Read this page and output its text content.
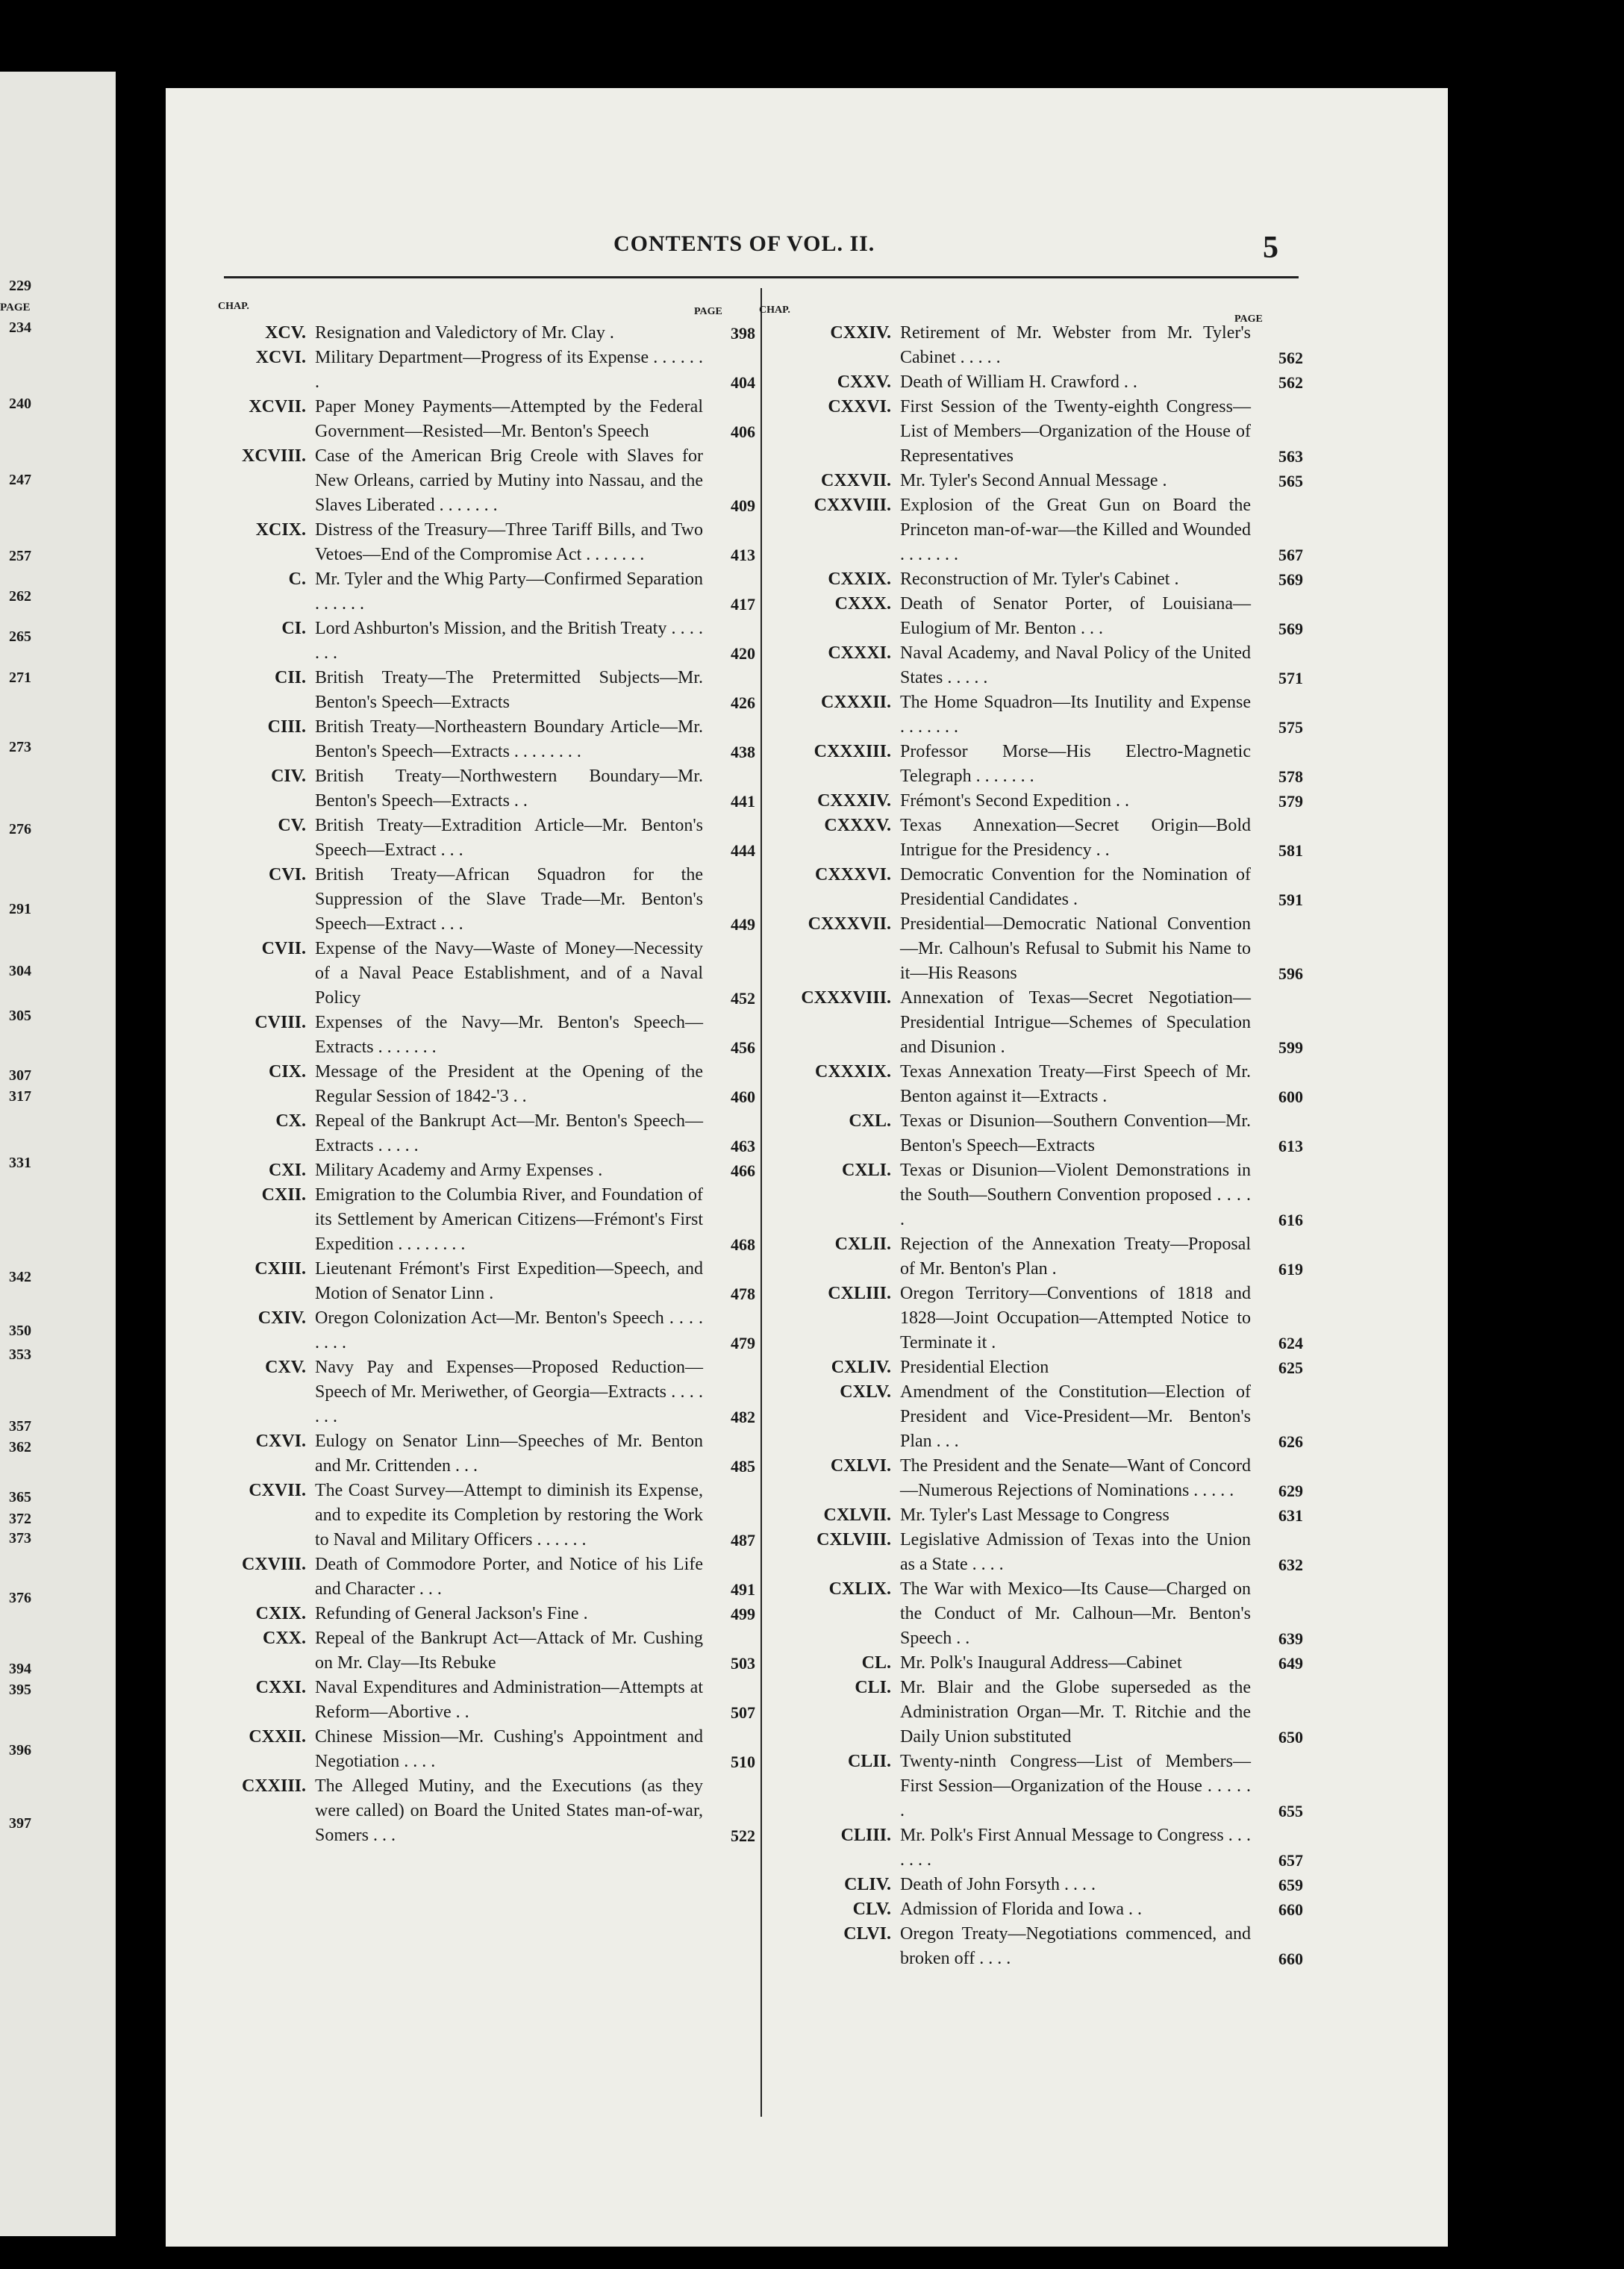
PAGE
229
234
240
247
257
262
265
271
273
276
291
304
305
307
317
331
342
350
353
357
362
365
372
373
376
394
395
396
397
CONTENTS OF VOL. II.	5
CHAP.	PAGE	CHAP.
PAGE
XCV. Resignation and Valedictory of Mr. Clay .	398
XCVI. Military Department—Progress of its Expense . . . . . . .	404
XCVII. Paper Money Payments—Attempted by the Federal Government—Resisted—Mr. Benton's Speech	406
XCVIII. Case of the American Brig Creole with Slaves for New Orleans, carried by Mutiny into Nassau, and the Slaves Liberated . . . . . . .	409
XCIX. Distress of the Treasury—Three Tariff Bills, and Two Vetoes—End of the Compromise Act . . . . . . .	413
C. Mr. Tyler and the Whig Party—Confirmed Separation . . . . . .	417
CI. Lord Ashburton's Mission, and the British Treaty . . . . . . .	420
CII. British Treaty—The Pretermitted Subjects—Mr. Benton's Speech—Extracts	426
CIII. British Treaty—Northeastern Boundary Article—Mr. Benton's Speech—Extracts . . . . . . . .	438
CIV. British Treaty—Northwestern Boundary—Mr. Benton's Speech—Extracts . .	441
CV. British Treaty—Extradition Article—Mr. Benton's Speech—Extract . . .	444
CVI. British Treaty—African Squadron for the Suppression of the Slave Trade—Mr. Benton's Speech—Extract . . .	449
CVII. Expense of the Navy—Waste of Money—Necessity of a Naval Peace Establishment, and of a Naval Policy	452
CVIII. Expenses of the Navy—Mr. Benton's Speech—Extracts . . . . . . .	456
CIX. Message of the President at the Opening of the Regular Session of 1842-'3 . .	460
CX. Repeal of the Bankrupt Act—Mr. Benton's Speech—Extracts . . . . .	463
CXI. Military Academy and Army Expenses .	466
CXII. Emigration to the Columbia River, and Foundation of its Settlement by American Citizens—Frémont's First Expedition . . . . . . . .	468
CXIII. Lieutenant Frémont's First Expedition—Speech, and Motion of Senator Linn .	478
CXIV. Oregon Colonization Act—Mr. Benton's Speech . . . . . . . .	479
CXV. Navy Pay and Expenses—Proposed Reduction—Speech of Mr. Meriwether, of Georgia—Extracts . . . . . . .	482
CXVI. Eulogy on Senator Linn—Speeches of Mr. Benton and Mr. Crittenden . . .	485
CXVII. The Coast Survey—Attempt to diminish its Expense, and to expedite its Completion by restoring the Work to Naval and Military Officers . . . . . .	487
CXVIII. Death of Commodore Porter, and Notice of his Life and Character . . .	491
CXIX. Refunding of General Jackson's Fine .	499
CXX. Repeal of the Bankrupt Act—Attack of Mr. Cushing on Mr. Clay—Its Rebuke	503
CXXI. Naval Expenditures and Administration—Attempts at Reform—Abortive . .	507
CXXII. Chinese Mission—Mr. Cushing's Appointment and Negotiation . . . .	510
CXXIII. The Alleged Mutiny, and the Executions (as they were called) on Board the United States man-of-war, Somers . . .	522
CXXIV. Retirement of Mr. Webster from Mr. Tyler's Cabinet . . . . .	562
CXXV. Death of William H. Crawford . .	562
CXXVI. First Session of the Twenty-eighth Congress—List of Members—Organization of the House of Representatives	563
CXXVII. Mr. Tyler's Second Annual Message .	565
CXXVIII. Explosion of the Great Gun on Board the Princeton man-of-war—the Killed and Wounded . . . . . . .	567
CXXIX. Reconstruction of Mr. Tyler's Cabinet .	569
CXXX. Death of Senator Porter, of Louisiana—Eulogium of Mr. Benton . . .	569
CXXXI. Naval Academy, and Naval Policy of the United States . . . . .	571
CXXXII. The Home Squadron—Its Inutility and Expense . . . . . . .	575
CXXXIII. Professor Morse—His Electro-Magnetic Telegraph . . . . . . .	578
CXXXIV. Frémont's Second Expedition . .	579
CXXXV. Texas Annexation—Secret Origin—Bold Intrigue for the Presidency . .	581
CXXXVI. Democratic Convention for the Nomination of Presidential Candidates .	591
CXXXVII. Presidential—Democratic National Convention—Mr. Calhoun's Refusal to Submit his Name to it—His Reasons	596
CXXXVIII. Annexation of Texas—Secret Negotiation—Presidential Intrigue—Schemes of Speculation and Disunion .	599
CXXXIX. Texas Annexation Treaty—First Speech of Mr. Benton against it—Extracts .	600
CXL. Texas or Disunion—Southern Convention—Mr. Benton's Speech—Extracts	613
CXLI. Texas or Disunion—Violent Demonstrations in the South—Southern Convention proposed . . . . .	616
CXLII. Rejection of the Annexation Treaty—Proposal of Mr. Benton's Plan .	619
CXLIII. Oregon Territory—Conventions of 1818 and 1828—Joint Occupation—Attempted Notice to Terminate it .	624
CXLIV. Presidential Election	625
CXLV. Amendment of the Constitution—Election of President and Vice-President—Mr. Benton's Plan . . .	626
CXLVI. The President and the Senate—Want of Concord—Numerous Rejections of Nominations . . . . .	629
CXLVII. Mr. Tyler's Last Message to Congress	631
CXLVIII. Legislative Admission of Texas into the Union as a State . . . .	632
CXLIX. The War with Mexico—Its Cause—Charged on the Conduct of Mr. Calhoun—Mr. Benton's Speech . .	639
CL. Mr. Polk's Inaugural Address—Cabinet	649
CLI. Mr. Blair and the Globe superseded as the Administration Organ—Mr. T. Ritchie and the Daily Union substituted	650
CLII. Twenty-ninth Congress—List of Members—First Session—Organization of the House . . . . . .	655
CLIII. Mr. Polk's First Annual Message to Congress . . . . . . .	657
CLIV. Death of John Forsyth . . . .	659
CLV. Admission of Florida and Iowa . .	660
CLVI. Oregon Treaty—Negotiations commenced, and broken off . . . .	660
